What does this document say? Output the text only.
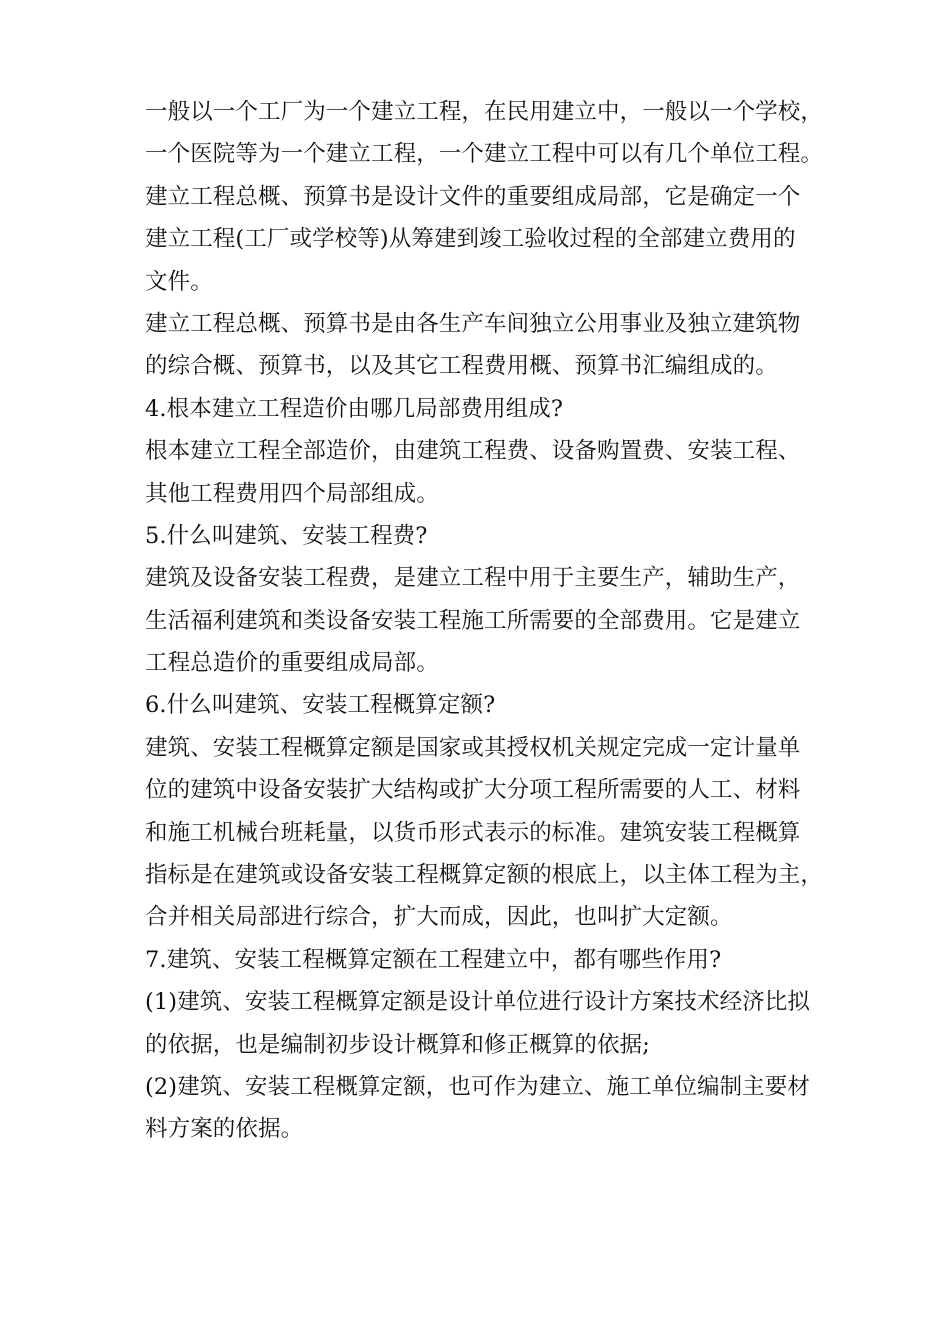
一般以一个工厂为一个建立工程，在民用建立中，一般以一个学校，
一个医院等为一个建立工程，一个建立工程中可以有几个单位工程。
建立工程总概、预算书是设计文件的重要组成局部，它是确定一个
建立工程(工厂或学校等)从筹建到竣工验收过程的全部建立费用的
文件。
建立工程总概、预算书是由各生产车间独立公用事业及独立建筑物
的综合概、预算书，以及其它工程费用概、预算书汇编组成的。
4.根本建立工程造价由哪几局部费用组成?
根本建立工程全部造价，由建筑工程费、设备购置费、安装工程、
其他工程费用四个局部组成。
5.什么叫建筑、安装工程费?
建筑及设备安装工程费，是建立工程中用于主要生产，辅助生产，
生活福利建筑和类设备安装工程施工所需要的全部费用。它是建立
工程总造价的重要组成局部。
6.什么叫建筑、安装工程概算定额?
建筑、安装工程概算定额是国家或其授权机关规定完成一定计量单
位的建筑中设备安装扩大结构或扩大分项工程所需要的人工、材料
和施工机械台班耗量，以货币形式表示的标准。建筑安装工程概算
指标是在建筑或设备安装工程概算定额的根底上，以主体工程为主，
合并相关局部进行综合，扩大而成，因此，也叫扩大定额。
7.建筑、安装工程概算定额在工程建立中，都有哪些作用?
(1)建筑、安装工程概算定额是设计单位进行设计方案技术经济比拟
的依据，也是编制初步设计概算和修正概算的依据;
(2)建筑、安装工程概算定额，也可作为建立、施工单位编制主要材
料方案的依据。
